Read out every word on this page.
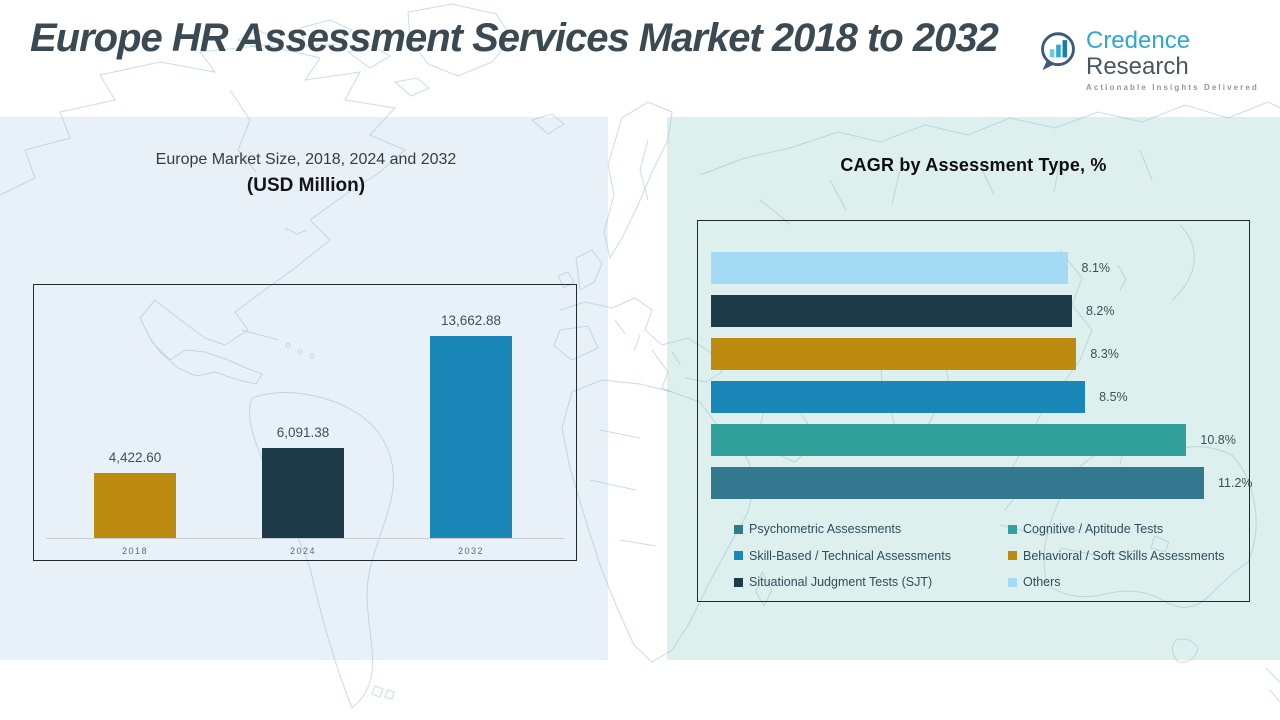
Europe HR Assessment Services Market 2018 to 2032	Credence Research
Actionable Insights Delivered
Europe Market Size, 2018, 2024 and 2032
(USD Million)
4,422.60
2018
6,091.38
2024
13,662.88
2032
CAGR by Assessment Type, %
8.1%
8.2%
8.3%
8.5%
10.8%
11.2%
Psychometric Assessments	Cognitive / Aptitude Tests
Skill-Based / Technical Assessments	Behavioral / Soft Skills Assessments
Situational Judgment Tests (SJT)	Others
